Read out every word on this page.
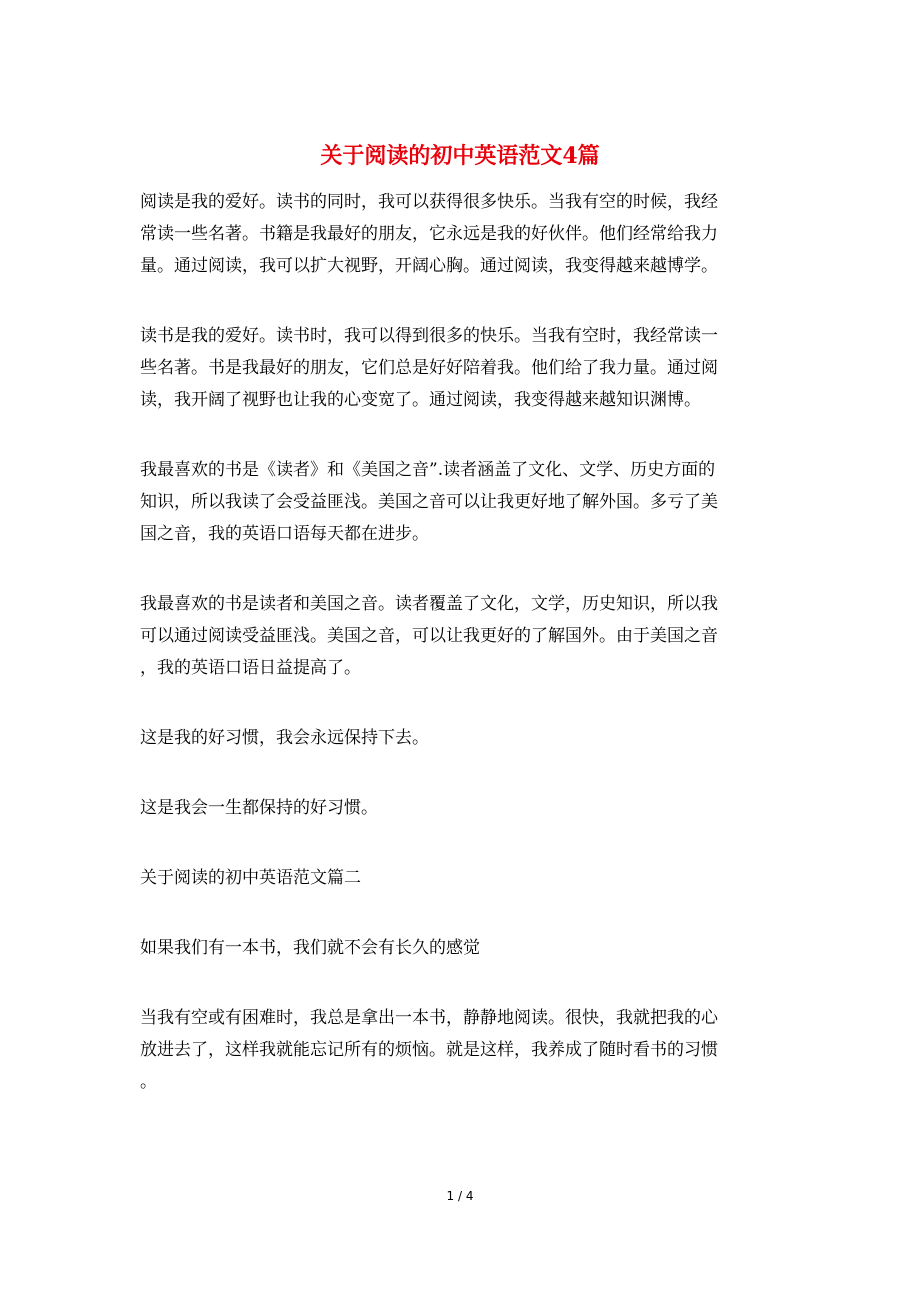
关于阅读的初中英语范文4篇

阅读是我的爱好。读书的同时，我可以获得很多快乐。当我有空的时候，我经
常读一些名著。书籍是我最好的朋友，它永远是我的好伙伴。他们经常给我力
量。通过阅读，我可以扩大视野，开阔心胸。通过阅读，我变得越来越博学。

读书是我的爱好。读书时，我可以得到很多的快乐。当我有空时，我经常读一
些名著。书是我最好的朋友，它们总是好好陪着我。他们给了我力量。通过阅
读，我开阔了视野也让我的心变宽了。通过阅读，我变得越来越知识渊博。

我最喜欢的书是《读者》和《美国之音”.读者涵盖了文化、文学、历史方面的
知识，所以我读了会受益匪浅。美国之音可以让我更好地了解外国。多亏了美
国之音，我的英语口语每天都在进步。

我最喜欢的书是读者和美国之音。读者覆盖了文化，文学，历史知识，所以我
可以通过阅读受益匪浅。美国之音，可以让我更好的了解国外。由于美国之音
，我的英语口语日益提高了。

这是我的好习惯，我会永远保持下去。

这是我会一生都保持的好习惯。

关于阅读的初中英语范文篇二

如果我们有一本书，我们就不会有长久的感觉

当我有空或有困难时，我总是拿出一本书，静静地阅读。很快，我就把我的心
放进去了，这样我就能忘记所有的烦恼。就是这样，我养成了随时看书的习惯
。

1 / 4
